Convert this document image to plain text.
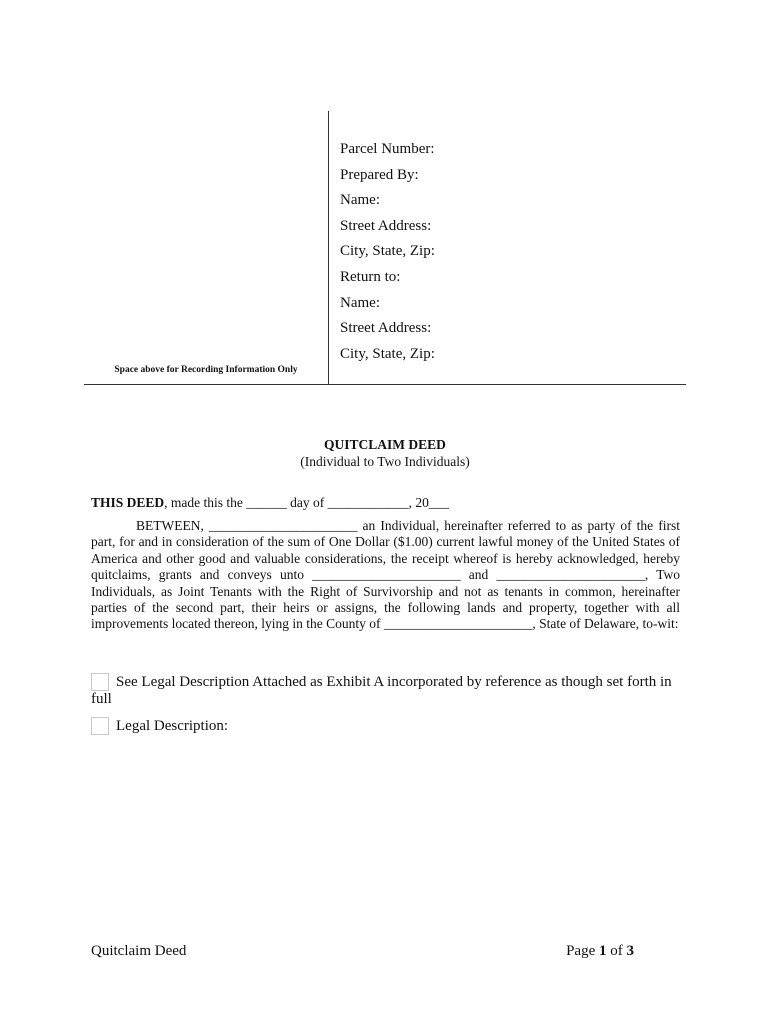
Parcel Number:
Prepared By:
Name:
Street Address:
City, State, Zip:
Return to:
Name:
Street Address:
City, State, Zip:
Space above for Recording Information Only
QUITCLAIM DEED
(Individual to Two Individuals)
THIS DEED, made this the ______ day of ____________, 20___
BETWEEN, ______________________ an Individual, hereinafter referred to as party of the first part, for and in consideration of the sum of One Dollar ($1.00) current lawful money of the United States of America and other good and valuable considerations, the receipt whereof is hereby acknowledged, hereby quitclaims, grants and conveys unto ______________________ and ______________________, Two Individuals, as Joint Tenants with the Right of Survivorship and not as tenants in common, hereinafter parties of the second part, their heirs or assigns, the following lands and property, together with all improvements located thereon, lying in the County of ______________________, State of Delaware, to-wit:
See Legal Description Attached as Exhibit A incorporated by reference as though set forth in full
Legal Description:
Quitclaim Deed	Page 1 of 3
